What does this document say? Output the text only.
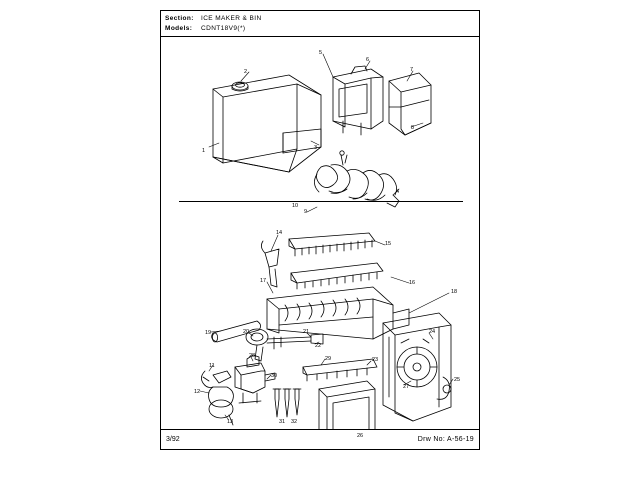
Section: ICE MAKER & BIN
Models: CDNT18V9(*)
1
2
3
4
5
6
7
8
9
10
11
12
13
14
15
16
17
18
19	20	21
22
23
24
25
26
27
28	29
30
31 32
3/92	Drw No: A-56-19
